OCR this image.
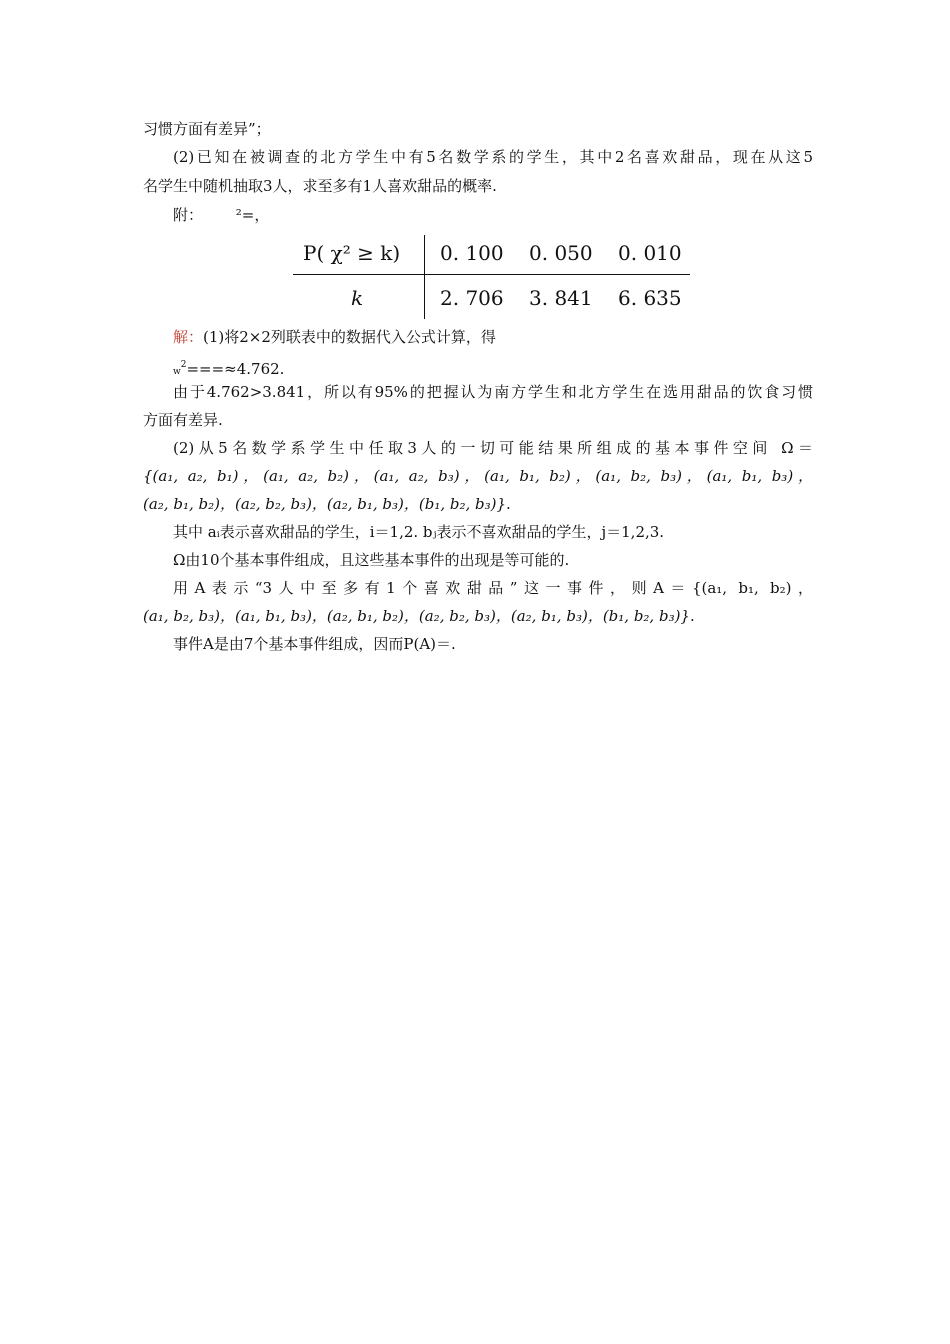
习惯方面有差异”；
(2)已知在被调查的北方学生中有5名数学系的学生，其中2名喜欢甜品，现在从这5
名学生中随机抽取3人，求至多有1人喜欢甜品的概率.
附： ²=，
P( χ² ≥ k) 0. 100 0. 050 0. 010
k	2. 706 3. 841 6. 635
解：(1)将2×2列联表中的数据代入公式计算，得
$w^2===\approx 4.762$.
由于4.762>3.841，所以有95%的把握认为南方学生和北方学生在选用甜品的饮食习惯
方面有差异.
(2)从5名数学系学生中任取3人的一切可能结果所组成的基本事件空间 Ω＝
{(a₁, a₂, b₁)，(a₁, a₂, b₂)，(a₁, a₂, b₃)，(a₁, b₁, b₂)，(a₁, b₂, b₃)，(a₁, b₁, b₃)，
(a₂, b₁, b₂)，(a₂, b₂, b₃)，(a₂, b₁, b₃)，(b₁, b₂, b₃)}.
其中 aᵢ表示喜欢甜品的学生，i＝1,2. bⱼ表示不喜欢甜品的学生，j＝1,2,3.
Ω由10个基本事件组成，且这些基本事件的出现是等可能的.
用A表示“3人中至多有1个喜欢甜品”这一事件，则A＝{(a₁, b₁, b₂)，
(a₁, b₂, b₃)，(a₁, b₁, b₃)，(a₂, b₁, b₂)，(a₂, b₂, b₃)，(a₂, b₁, b₃)，(b₁, b₂, b₃)}.
事件A是由7个基本事件组成，因而P(A)＝.
